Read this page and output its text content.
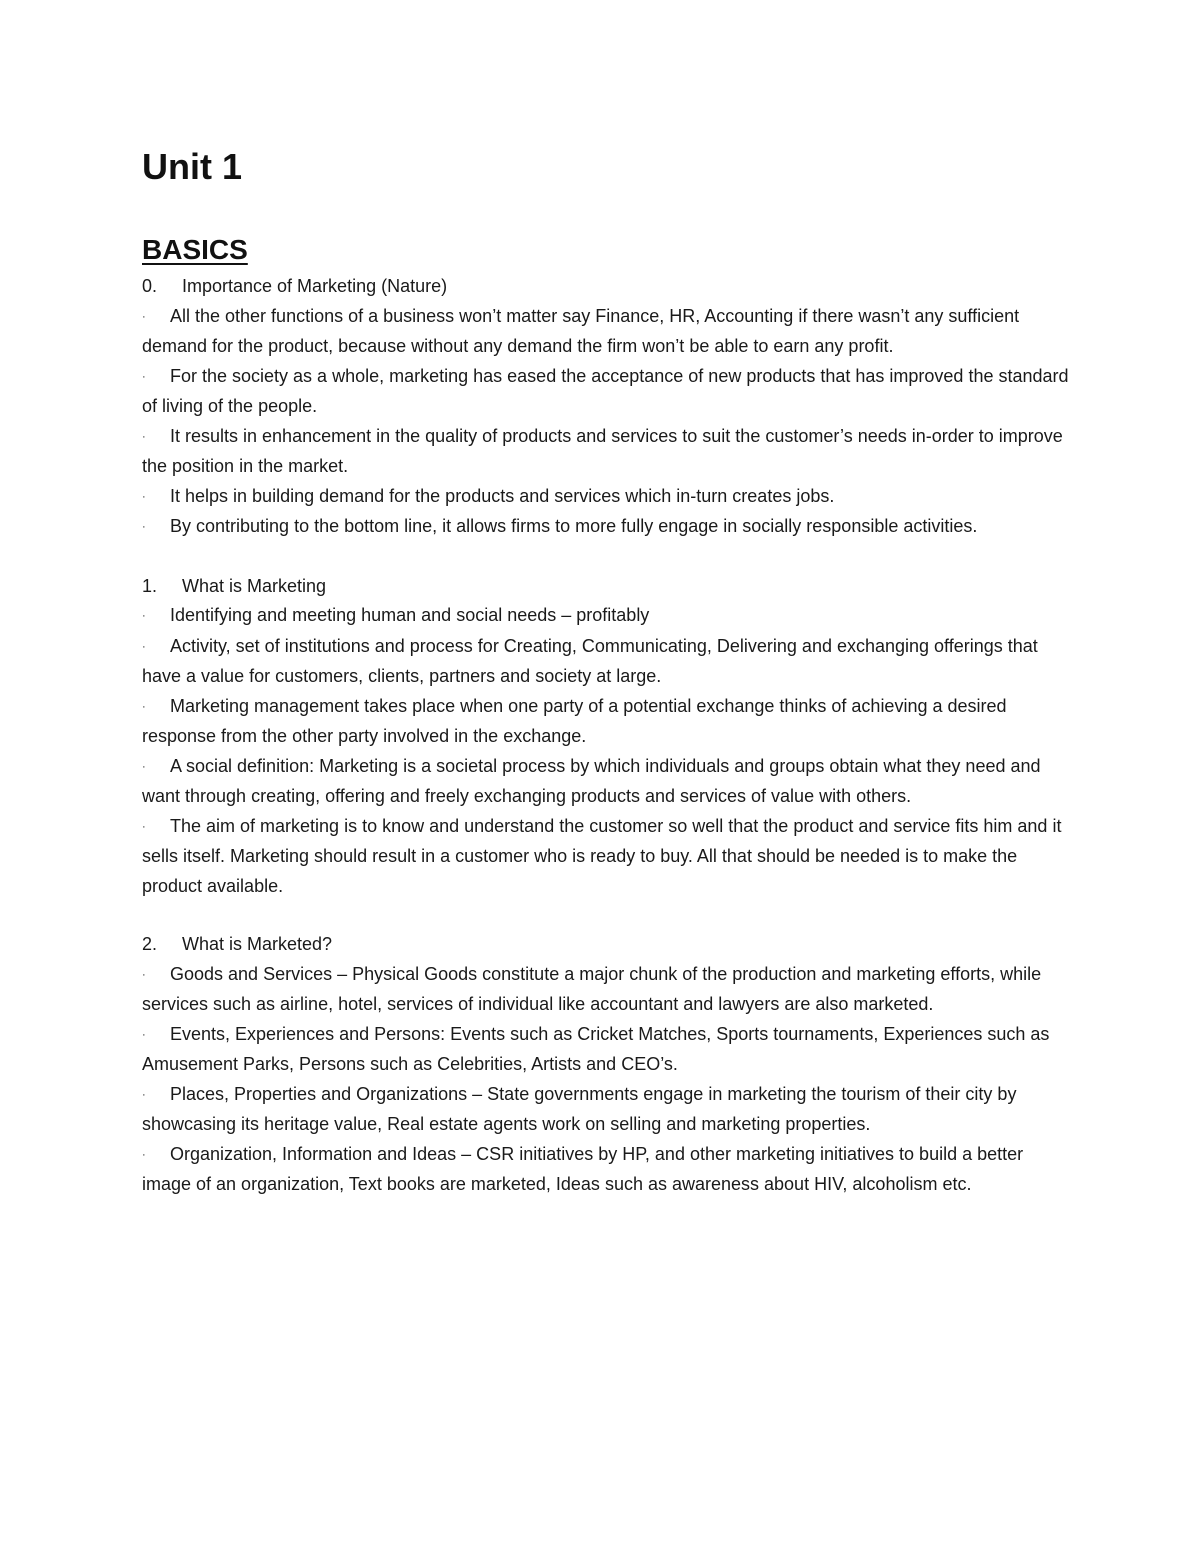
Unit 1
BASICS

0. Importance of Marketing (Nature)

· All the other functions of a business won’t matter say Finance, HR, Accounting if there wasn’t any sufficient demand for the product, because without any demand the firm won’t be able to earn any profit.

· For the society as a whole, marketing has eased the acceptance of new products that has improved the standard of living of the people.

· It results in enhancement in the quality of products and services to suit the customer’s needs in-order to improve the position in the market.

· It helps in building demand for the products and services which in-turn creates jobs.

· By contributing to the bottom line, it allows firms to more fully engage in socially responsible activities.

1. What is Marketing

· Identifying and meeting human and social needs – profitably

· Activity, set of institutions and process for Creating, Communicating, Delivering and exchanging offerings that have a value for customers, clients, partners and society at large.

· Marketing management takes place when one party of a potential exchange thinks of achieving a desired response from the other party involved in the exchange.

· A social definition: Marketing is a societal process by which individuals and groups obtain what they need and want through creating, offering and freely exchanging products and services of value with others.

· The aim of marketing is to know and understand the customer so well that the product and service fits him and it sells itself. Marketing should result in a customer who is ready to buy. All that should be needed is to make the product available.

2. What is Marketed?

· Goods and Services – Physical Goods constitute a major chunk of the production and marketing efforts, while services such as airline, hotel, services of individual like accountant and lawyers are also marketed.

· Events, Experiences and Persons: Events such as Cricket Matches, Sports tournaments, Experiences such as Amusement Parks, Persons such as Celebrities, Artists and CEO’s.

· Places, Properties and Organizations – State governments engage in marketing the tourism of their city by showcasing its heritage value, Real estate agents work on selling and marketing properties.

· Organization, Information and Ideas – CSR initiatives by HP, and other marketing initiatives to build a better image of an organization, Text books are marketed, Ideas such as awareness about HIV, alcoholism etc.
